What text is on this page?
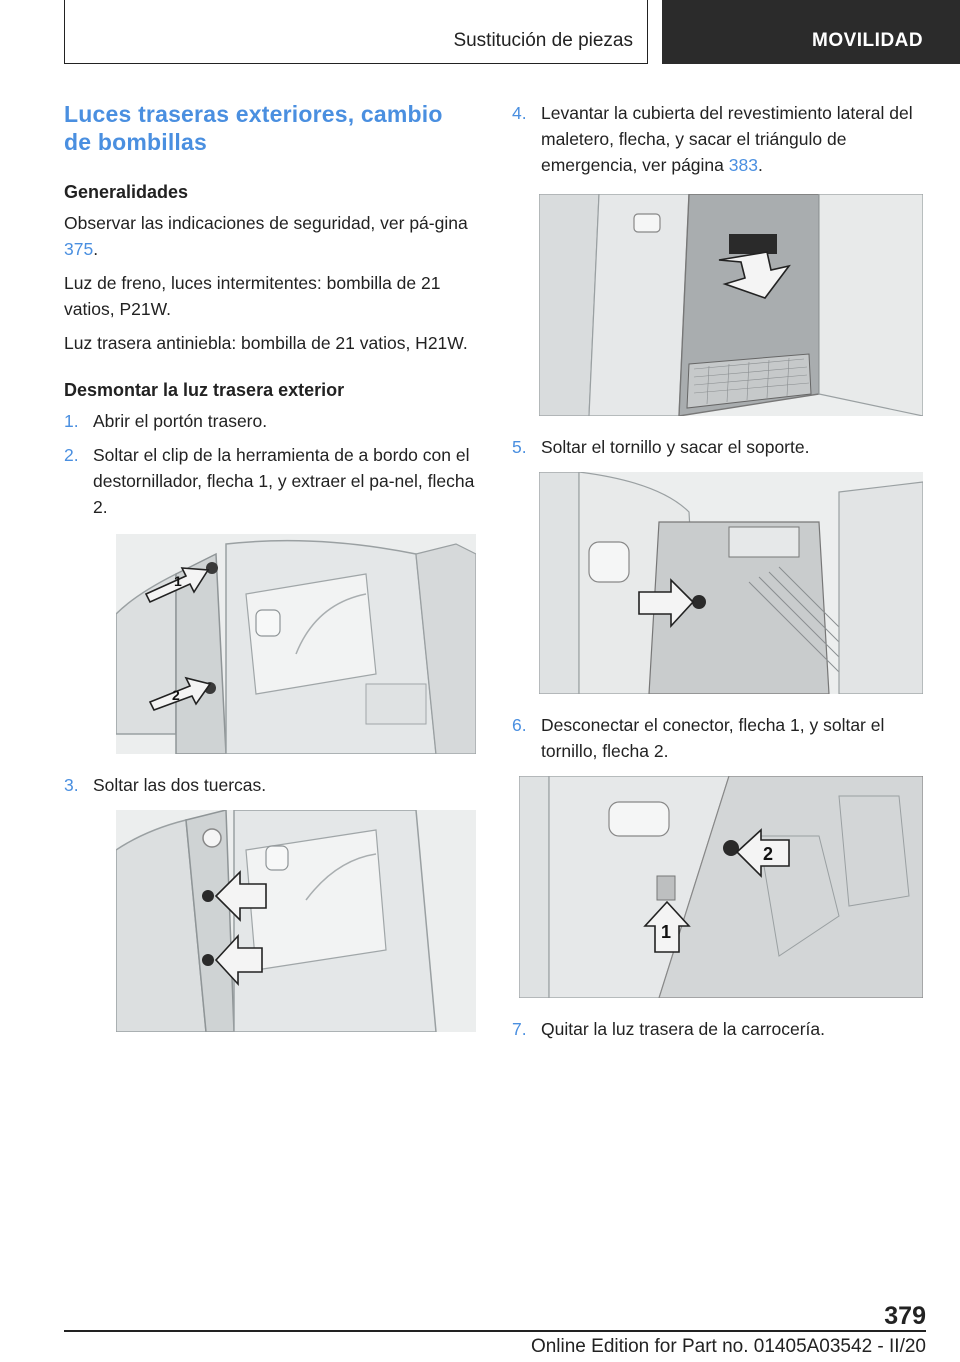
Sustitución de piezas	MOVILIDAD
Luces traseras exteriores, cambio de bombillas
Generalidades

Observar las indicaciones de seguridad, ver pá-gina 375.

Luz de freno, luces intermitentes: bombilla de 21 vatios, P21W.

Luz trasera antiniebla: bombilla de 21 vatios, H21W.

Desmontar la luz trasera exterior
1. Abrir el portón trasero.
2. Soltar el clip de la herramienta de a bordo con el destornillador, flecha 1, y extraer el pa-nel, flecha 2.
1
2
3. Soltar las dos tuercas.
4. Levantar la cubierta del revestimiento lateral del maletero, flecha, y sacar el triángulo de emergencia, ver página 383.
5. Soltar el tornillo y sacar el soporte.
6. Desconectar el conector, flecha 1, y soltar el tornillo, flecha 2.
2
1
7. Quitar la luz trasera de la carrocería.
379
Online Edition for Part no. 01405A03542 - II/20
